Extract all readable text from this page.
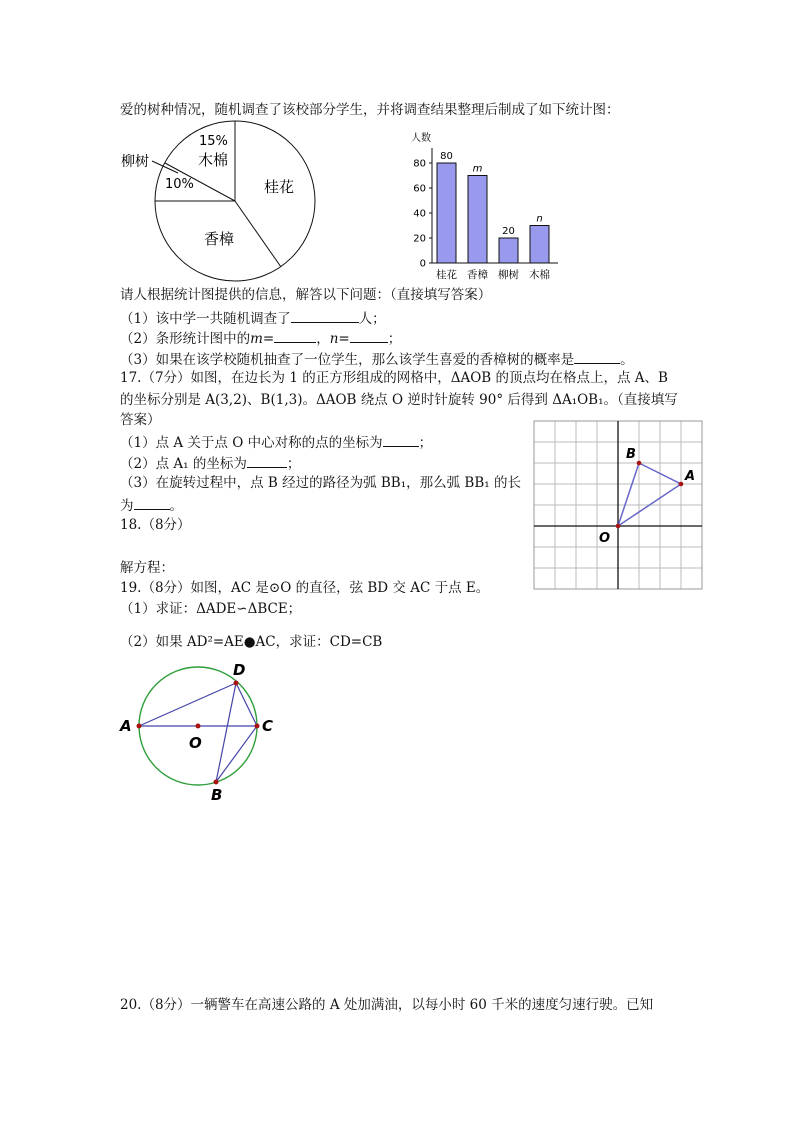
爱的树种情况，随机调查了该校部分学生，并将调查结果整理后制成了如下统计图：
柳树
15%
木棉
10%	桂花
香樟
人数
0
20
40
60
80
80
桂花
m
香樟
20
柳树
n
木棉
请人根据统计图提供的信息，解答以下问题：（直接填写答案）
（1）该中学一共随机调查了	人；
（2）条形统计图中的m=	，n=	；
（3）如果在该学校随机抽查了一位学生，那么该学生喜爱的香樟树的概率是	。
17.（7分）如图，在边长为 1 的正方形组成的网格中，ΔAOB 的顶点均在格点上，点 A、B
的坐标分别是 A(3,2)、B(1,3)。ΔAOB 绕点 O 逆时针旋转 90° 后得到 ΔA₁OB₁。（直接填写
答案）
（1）点 A 关于点 O 中心对称的点的坐标为	；
（2）点 A₁ 的坐标为	；
（3）在旋转过程中，点 B 经过的路径为弧 BB₁，那么弧 BB₁ 的长
为	。
B
A
O
18.（8分）
解方程：
19.（8分）如图，AC 是⊙O 的直径，弦 BD 交 AC 于点 E。
（1）求证：ΔADE∽ΔBCE；
（2）如果 AD²=AE●AC，求证：CD=CB
A
O
C
D
B
20.（8分）一辆警车在高速公路的 A 处加满油，以每小时 60 千米的速度匀速行驶。已知
